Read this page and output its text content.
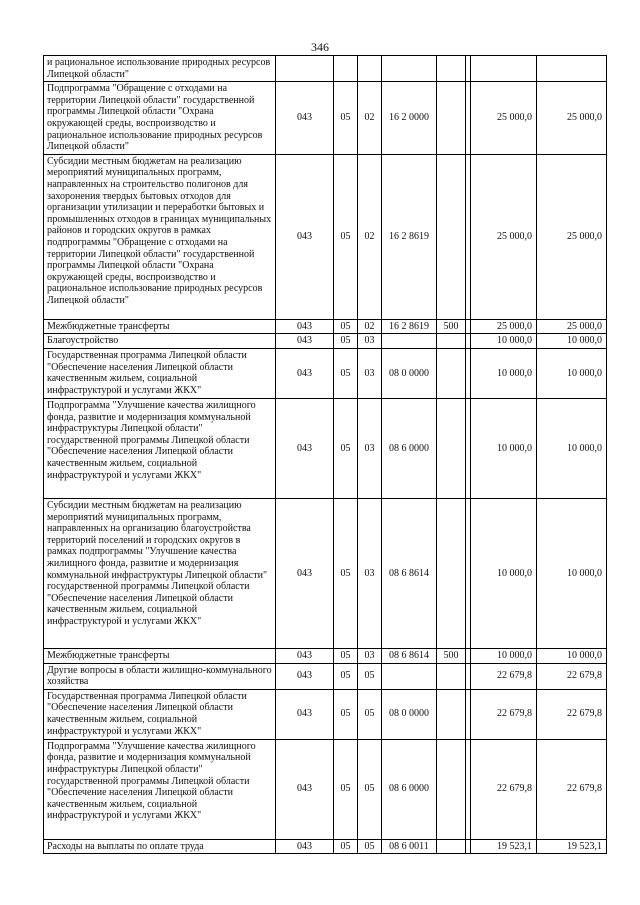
346
и рациональное использование природных ресурсов Липецкой области"								
Подпрограмма "Обращение с отходами на территории Липецкой области" государственной программы Липецкой области "Охрана окружающей среды, воспроизводство и рациональное использование природных ресурсов Липецкой области"	043	05	02	16 2 0000			25 000,0	25 000,0
Субсидии местным бюджетам на реализацию мероприятий муниципальных программ, направленных на строительство полигонов для захоронения твердых бытовых отходов для организации утилизации и переработки бытовых и промышленных отходов в границах муниципальных районов и городских округов в рамках подпрограммы "Обращение с отходами на территории Липецкой области" государственной программы Липецкой области "Охрана окружающей среды, воспроизводство и рациональное использование природных ресурсов Липецкой области"	043	05	02	16 2 8619			25 000,0	25 000,0
Межбюджетные трансферты	043	05	02	16 2 8619	500		25 000,0	25 000,0
Благоустройство	043	05	03				10 000,0	10 000,0
Государственная программа Липецкой области "Обеспечение населения Липецкой области качественным жильем, социальной инфраструктурой и услугами ЖКХ"	043	05	03	08 0 0000			10 000,0	10 000,0
Подпрограмма "Улучшение качества жилищного фонда, развитие и модернизация коммунальной инфраструктуры Липецкой области" государственной программы Липецкой области "Обеспечение населения Липецкой области качественным жильем, социальной инфраструктурой и услугами ЖКХ"	043	05	03	08 6 0000			10 000,0	10 000,0
Субсидии местным бюджетам на реализацию мероприятий муниципальных программ, направленных на организацию благоустройства территорий поселений и городских округов в рамках подпрограммы "Улучшение качества жилищного фонда, развитие и модернизация коммунальной инфраструктуры Липецкой области" государственной программы Липецкой области "Обеспечение населения Липецкой области качественным жильем, социальной инфраструктурой и услугами ЖКХ"	043	05	03	08 6 8614			10 000,0	10 000,0
Межбюджетные трансферты	043	05	03	08 6 8614	500		10 000,0	10 000,0
Другие вопросы в области жилищно-коммунального хозяйства	043	05	05				22 679,8	22 679,8
Государственная программа Липецкой области "Обеспечение населения Липецкой области качественным жильем, социальной инфраструктурой и услугами ЖКХ"	043	05	05	08 0 0000			22 679,8	22 679,8
Подпрограмма "Улучшение качества жилищного фонда, развитие и модернизация коммунальной инфраструктуры Липецкой области" государственной программы Липецкой области "Обеспечение населения Липецкой области качественным жильем, социальной инфраструктурой и услугами ЖКХ"	043	05	05	08 6 0000			22 679,8	22 679,8
Расходы на выплаты по оплате труда	043	05	05	08 6 0011			19 523,1	19 523,1
